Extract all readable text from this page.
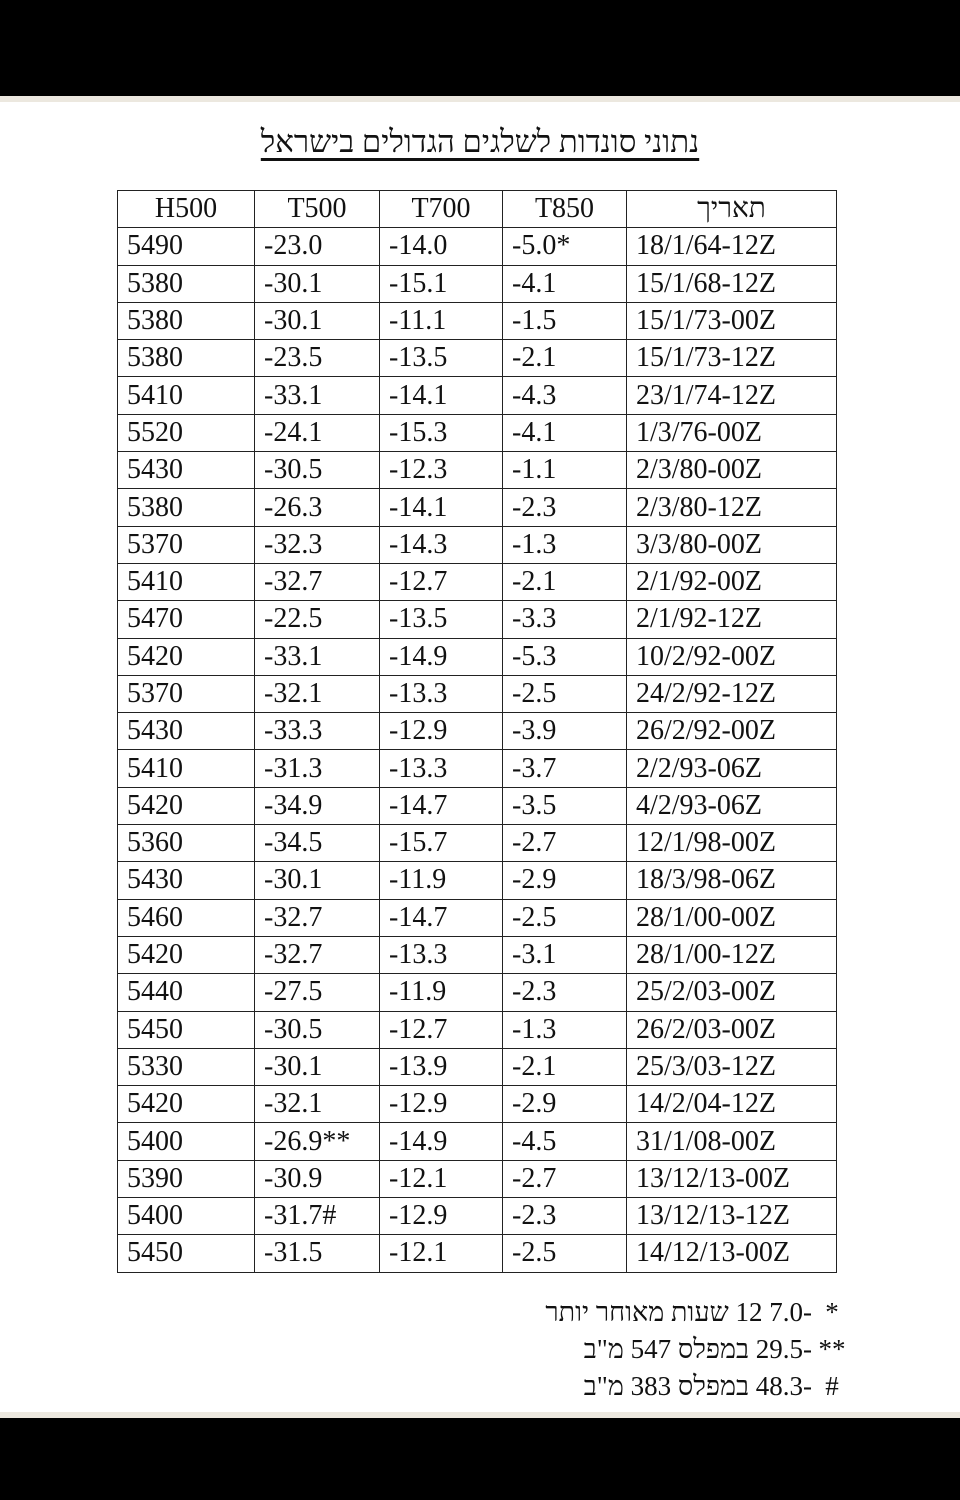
נתוני סונדות לשלגים הגדולים בישראל
H500	T500	T700	T850	תאריך
5490	-23.0	-14.0	-5.0*	18/1/64-12Z
5380	-30.1	-15.1	-4.1	15/1/68-12Z
5380	-30.1	-11.1	-1.5	15/1/73-00Z
5380	-23.5	-13.5	-2.1	15/1/73-12Z
5410	-33.1	-14.1	-4.3	23/1/74-12Z
5520	-24.1	-15.3	-4.1	1/3/76-00Z
5430	-30.5	-12.3	-1.1	2/3/80-00Z
5380	-26.3	-14.1	-2.3	2/3/80-12Z
5370	-32.3	-14.3	-1.3	3/3/80-00Z
5410	-32.7	-12.7	-2.1	2/1/92-00Z
5470	-22.5	-13.5	-3.3	2/1/92-12Z
5420	-33.1	-14.9	-5.3	10/2/92-00Z
5370	-32.1	-13.3	-2.5	24/2/92-12Z
5430	-33.3	-12.9	-3.9	26/2/92-00Z
5410	-31.3	-13.3	-3.7	2/2/93-06Z
5420	-34.9	-14.7	-3.5	4/2/93-06Z
5360	-34.5	-15.7	-2.7	12/1/98-00Z
5430	-30.1	-11.9	-2.9	18/3/98-06Z
5460	-32.7	-14.7	-2.5	28/1/00-00Z
5420	-32.7	-13.3	-3.1	28/1/00-12Z
5440	-27.5	-11.9	-2.3	25/2/03-00Z
5450	-30.5	-12.7	-1.3	26/2/03-00Z
5330	-30.1	-13.9	-2.1	25/3/03-12Z
5420	-32.1	-12.9	-2.9	14/2/04-12Z
5400	-26.9**	-14.9	-4.5	31/1/08-00Z
5390	-30.9	-12.1	-2.7	13/12/13-00Z
5400	-31.7#	-12.9	-2.3	13/12/13-12Z
5450	-31.5	-12.1	-2.5	14/12/13-00Z
*
-7.0 12 שעות מאוחר יותר
**
-29.5 במפלס 547 מ"ב
#
-48.3 במפלס 383 מ"ב
